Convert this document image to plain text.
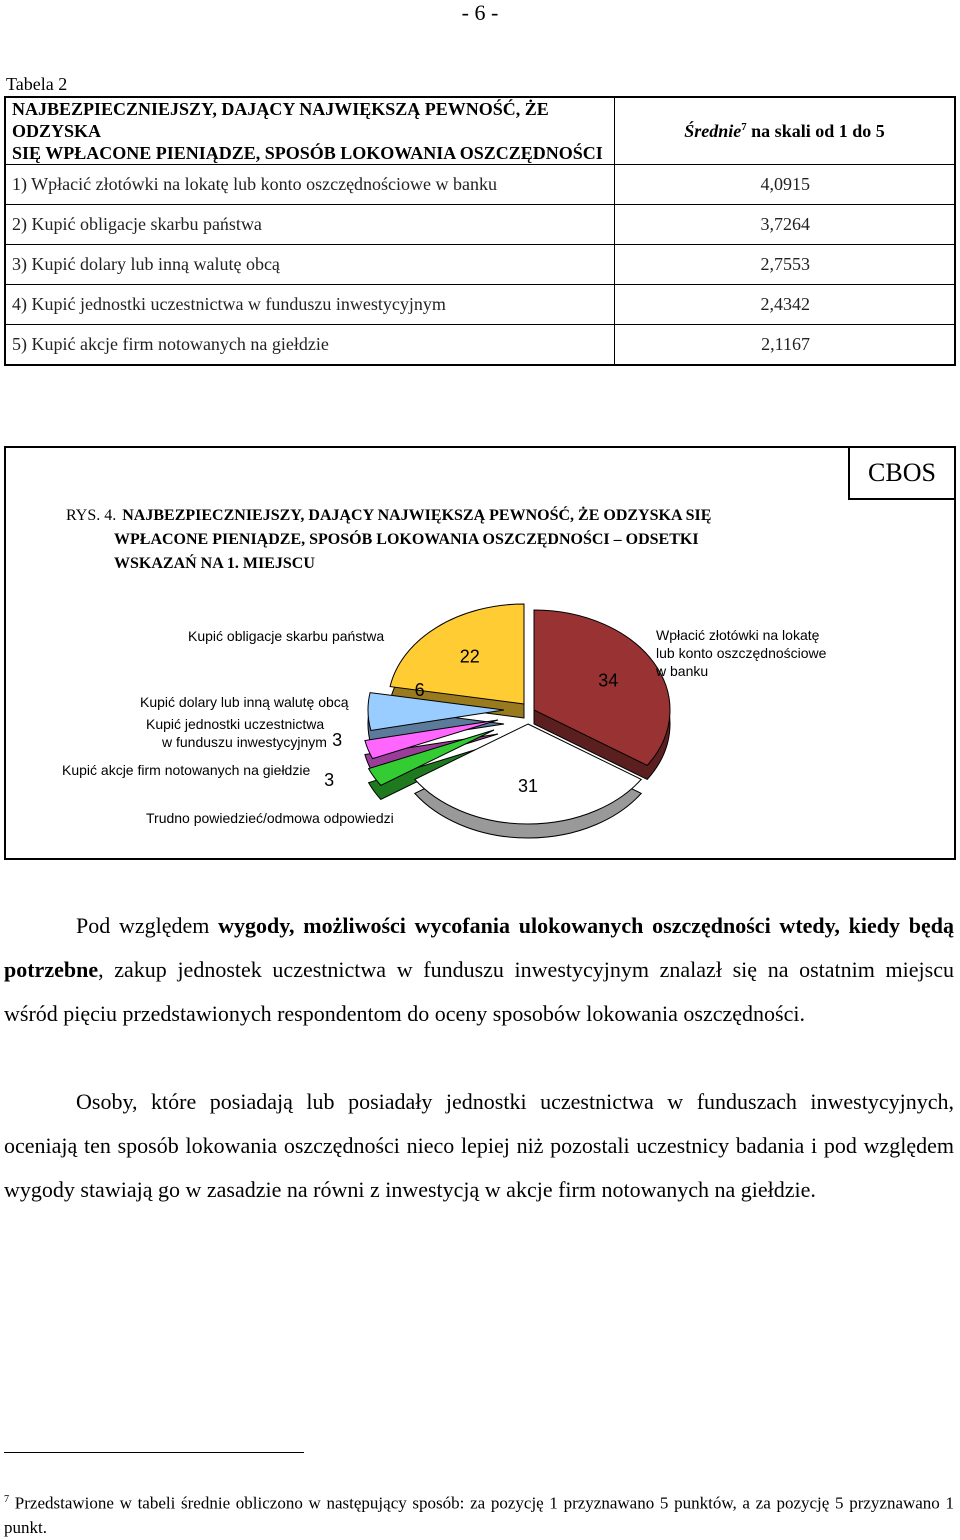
- 6 -
Tabela 2
NAJBEZPIECZNIEJSZY, DAJĄCY NAJWIĘKSZĄ PEWNOŚĆ, ŻE ODZYSKA
SIĘ WPŁACONE PIENIĄDZE, SPOSÓB LOKOWANIA OSZCZĘDNOŚCI	Średnie$^7$ na skali od 1 do 5
1) Wpłacić złotówki na lokatę lub konto oszczędnościowe w banku	4,0915
2) Kupić obligacje skarbu państwa	3,7264
3) Kupić dolary lub inną walutę obcą	2,7553
4) Kupić jednostki uczestnictwa w funduszu inwestycyjnym	2,4342
5) Kupić akcje firm notowanych na giełdzie	2,1167
CBOS
RYS. 4. NAJBEZPIECZNIEJSZY, DAJĄCY NAJWIĘKSZĄ PEWNOŚĆ, ŻE ODZYSKA SIĘ
WPŁACONE PIENIĄDZE, SPOSÓB LOKOWANIA OSZCZĘDNOŚCI – ODSETKI
WSKAZAŃ NA 1. MIEJSCU
34
31
3
3
6
22
Kupić obligacje skarbu państwa
Kupić dolary lub inną walutę obcą
Kupić jednostki uczestnictwa
w funduszu inwestycyjnym
Kupić akcje firm notowanych na giełdzie
Trudno powiedzieć/odmowa odpowiedzi
Wpłacić złotówki na lokatę
lub konto oszczędnościowe
w banku
Pod względem wygody, możliwości wycofania ulokowanych oszczędności wtedy, kiedy będą potrzebne, zakup jednostek uczestnictwa w funduszu inwestycyjnym znalazł się na ostatnim miejscu wśród pięciu przedstawionych respondentom do oceny sposobów lokowania oszczędności.
Osoby, które posiadają lub posiadały jednostki uczestnictwa w funduszach inwestycyjnych, oceniają ten sposób lokowania oszczędności nieco lepiej niż pozostali uczestnicy badania i pod względem wygody stawiają go w zasadzie na równi z inwestycją w akcje firm notowanych na giełdzie.
$^7$ Przedstawione w tabeli średnie obliczono w następujący sposób: za pozycję 1 przyznawano 5 punktów, a za pozycję 5 przyznawano 1 punkt.
